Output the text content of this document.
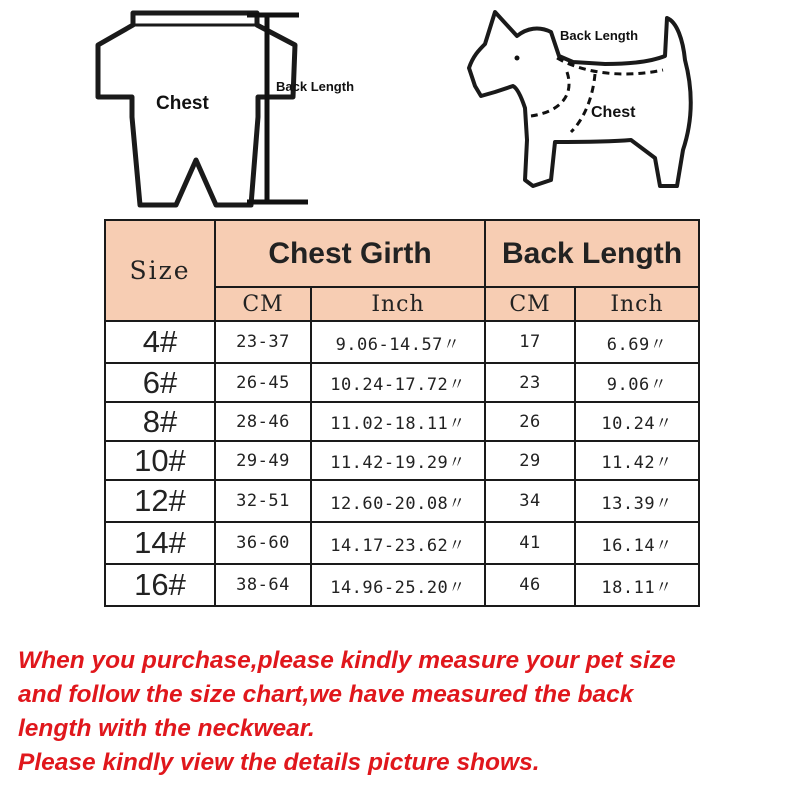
Chest
Back Length
Back Length
Chest
Size	Chest Girth		Back Length	
	CM	Inch	CM	Inch
4#	23-37	9.06-14.57〃	17	6.69〃
6#	26-45	10.24-17.72〃	23	9.06〃
8#	28-46	11.02-18.11〃	26	10.24〃
10#	29-49	11.42-19.29〃	29	11.42〃
12#	32-51	12.60-20.08〃	34	13.39〃
14#	36-60	14.17-23.62〃	41	16.14〃
16#	38-64	14.96-25.20〃	46	18.11〃
When you purchase,please kindly measure your pet size
and follow the size chart,we have measured the back
length with the neckwear.
Please kindly view the details picture shows.
